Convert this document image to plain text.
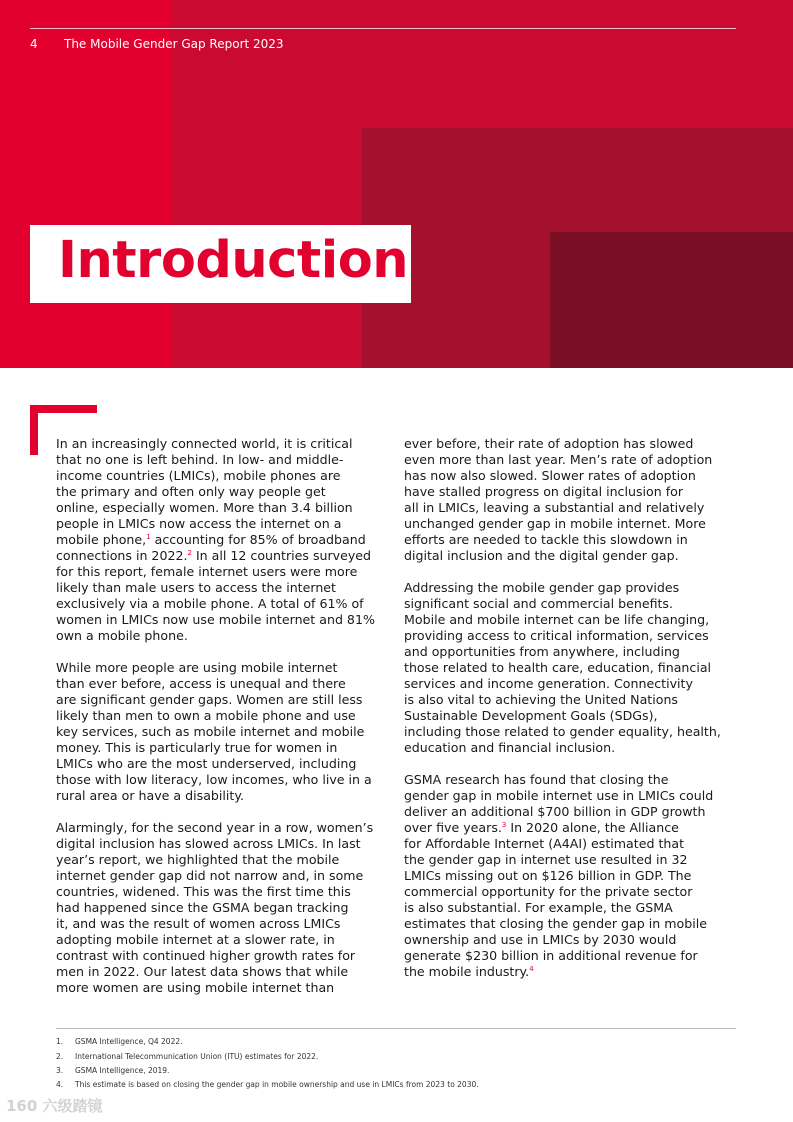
4 The Mobile Gender Gap Report 2023
Introduction

In an increasingly connected world, it is critical
that no one is left behind. In low- and middle-
income countries (LMICs), mobile phones are
the primary and often only way people get
online, especially women. More than 3.4 billion
people in LMICs now access the internet on a
mobile phone,$^1$ accounting for 85% of broadband
connections in 2022.$^2$ In all 12 countries surveyed
for this report, female internet users were more
likely than male users to access the internet
exclusively via a mobile phone. A total of 61% of
women in LMICs now use mobile internet and 81%
own a mobile phone.

While more people are using mobile internet
than ever before, access is unequal and there
are significant gender gaps. Women are still less
likely than men to own a mobile phone and use
key services, such as mobile internet and mobile
money. This is particularly true for women in
LMICs who are the most underserved, including
those with low literacy, low incomes, who live in a
rural area or have a disability.

Alarmingly, for the second year in a row, women’s
digital inclusion has slowed across LMICs. In last
year’s report, we highlighted that the mobile
internet gender gap did not narrow and, in some
countries, widened. This was the first time this
had happened since the GSMA began tracking
it, and was the result of women across LMICs
adopting mobile internet at a slower rate, in
contrast with continued higher growth rates for
men in 2022. Our latest data shows that while
more women are using mobile internet than

ever before, their rate of adoption has slowed
even more than last year. Men’s rate of adoption
has now also slowed. Slower rates of adoption
have stalled progress on digital inclusion for
all in LMICs, leaving a substantial and relatively
unchanged gender gap in mobile internet. More
efforts are needed to tackle this slowdown in
digital inclusion and the digital gender gap.

Addressing the mobile gender gap provides
significant social and commercial benefits.
Mobile and mobile internet can be life changing,
providing access to critical information, services
and opportunities from anywhere, including
those related to health care, education, financial
services and income generation. Connectivity
is also vital to achieving the United Nations
Sustainable Development Goals (SDGs),
including those related to gender equality, health,
education and financial inclusion.

GSMA research has found that closing the
gender gap in mobile internet use in LMICs could
deliver an additional $700 billion in GDP growth
over five years.$^3$ In 2020 alone, the Alliance
for Affordable Internet (A4AI) estimated that
the gender gap in internet use resulted in 32
LMICs missing out on $126 billion in GDP. The
commercial opportunity for the private sector
is also substantial. For example, the GSMA
estimates that closing the gender gap in mobile
ownership and use in LMICs by 2030 would
generate $230 billion in additional revenue for
the mobile industry.$^4$

1. GSMA Intelligence, Q4 2022.
2. International Telecommunication Union (ITU) estimates for 2022.
3. GSMA Intelligence, 2019.
4. This estimate is based on closing the gender gap in mobile ownership and use in LMICs from 2023 to 2030.
160 六级踏镜
